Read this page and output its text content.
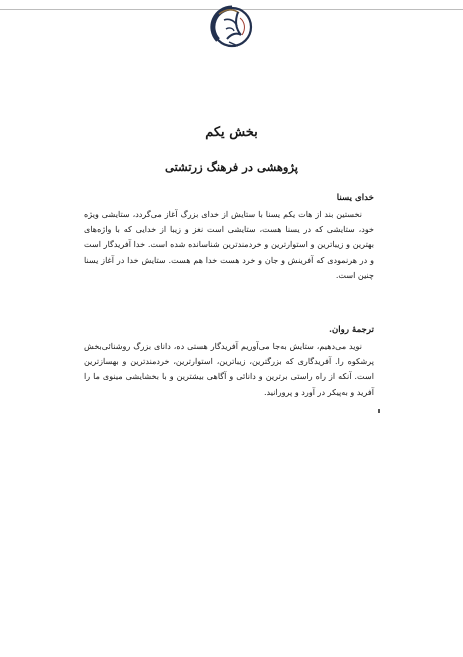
بخش یکم
پژوهشی در فرهنگ زرتشتی
خدای یسنا

نخستین بند از هات یکم یسنا با ستایش از خدای بزرگ آغاز می‌گردد، ستایشی ویژه خود، ستایشی که در یسنا هست، ستایشی است نغز و زیبا از خدایی که با واژه‌های بهترین و زیباترین و استوارترین و خردمندترین شناسانده شده است. خدا آفریدگار است و در هرنمودی که آفرینش و جان و خرد هست خدا هم هست. ستایش خدا در آغاز یسنا چنین است.

ترجمهٔ روان.

نوید می‌دهیم، ستایش به‌جا می‌آوریم آفریدگار هستی ده، دانای بزرگ روشنائی‌بخش پرشکوه را. آفریدگاری که بزرگترین، زیباترین، استوارترین، خردمندترین و بهسازترین است. آنکه از راه راستی برترین و دانائی و آگاهی بیشترین و با بخشایشی مینوی ما را آفرید و به‌پیکر در آورد و پرورانید.
